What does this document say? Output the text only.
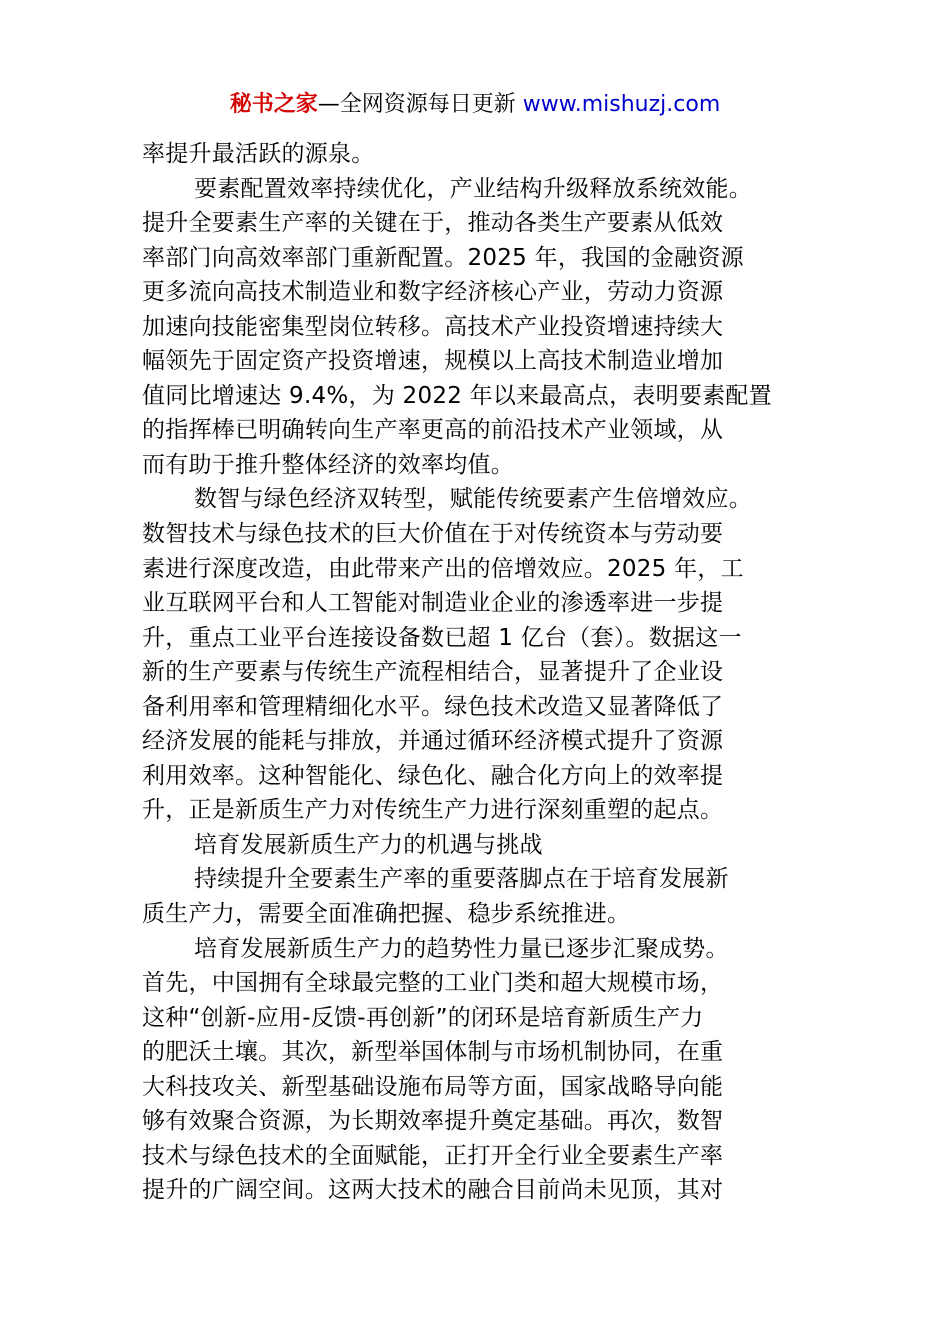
秘书之家—全网资源每日更新 www.mishuzj.com
率提升最活跃的源泉。
要素配置效率持续优化，产业结构升级释放系统效能。
提升全要素生产率的关键在于，推动各类生产要素从低效
率部门向高效率部门重新配置。2025 年，我国的金融资源
更多流向高技术制造业和数字经济核心产业，劳动力资源
加速向技能密集型岗位转移。高技术产业投资增速持续大
幅领先于固定资产投资增速，规模以上高技术制造业增加
值同比增速达 9.4%，为 2022 年以来最高点，表明要素配置
的指挥棒已明确转向生产率更高的前沿技术产业领域，从
而有助于推升整体经济的效率均值。
数智与绿色经济双转型，赋能传统要素产生倍增效应。
数智技术与绿色技术的巨大价值在于对传统资本与劳动要
素进行深度改造，由此带来产出的倍增效应。2025 年，工
业互联网平台和人工智能对制造业企业的渗透率进一步提
升，重点工业平台连接设备数已超 1 亿台（套）。数据这一
新的生产要素与传统生产流程相结合，显著提升了企业设
备利用率和管理精细化水平。绿色技术改造又显著降低了
经济发展的能耗与排放，并通过循环经济模式提升了资源
利用效率。这种智能化、绿色化、融合化方向上的效率提
升，正是新质生产力对传统生产力进行深刻重塑的起点。
培育发展新质生产力的机遇与挑战
持续提升全要素生产率的重要落脚点在于培育发展新
质生产力，需要全面准确把握、稳步系统推进。
培育发展新质生产力的趋势性力量已逐步汇聚成势。
首先，中国拥有全球最完整的工业门类和超大规模市场，
这种“创新-应用-反馈-再创新”的闭环是培育新质生产力
的肥沃土壤。其次，新型举国体制与市场机制协同，在重
大科技攻关、新型基础设施布局等方面，国家战略导向能
够有效聚合资源，为长期效率提升奠定基础。再次，数智
技术与绿色技术的全面赋能，正打开全行业全要素生产率
提升的广阔空间。这两大技术的融合目前尚未见顶，其对
